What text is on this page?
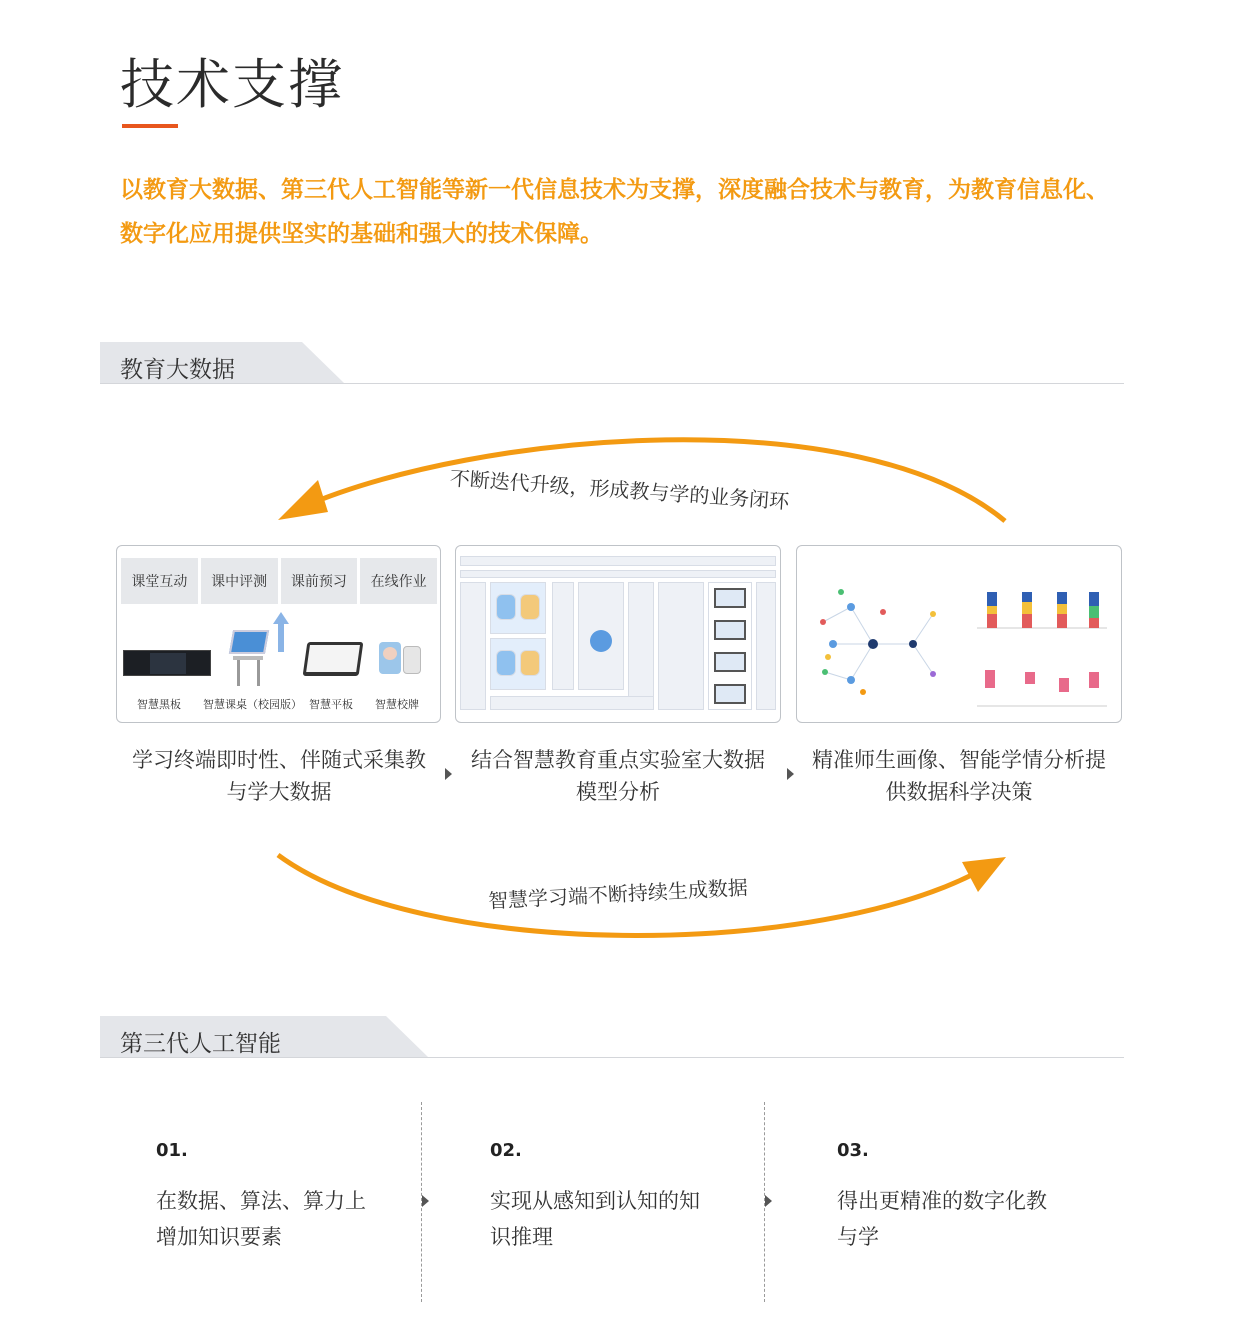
技术支撑
以教育大数据、第三代人工智能等新一代信息技术为支撑，深度融合技术与教育，为教育信息化、数字化应用提供坚实的基础和强大的技术保障。
教育大数据
不断迭代升级，形成教与学的业务闭环
智慧学习端不断持续生成数据
课堂互动	课中评测	课前预习	在线作业
智慧黑板 智慧课桌（校园版） 智慧平板 智慧校牌
学习终端即时性、伴随式采集教与学大数据
结合智慧教育重点实验室大数据模型分析
精准师生画像、智能学情分析提供数据科学决策
第三代人工智能
01.
在数据、算法、算力上增加知识要素
02.
实现从感知到认知的知识推理
03.
得出更精准的数字化教与学
